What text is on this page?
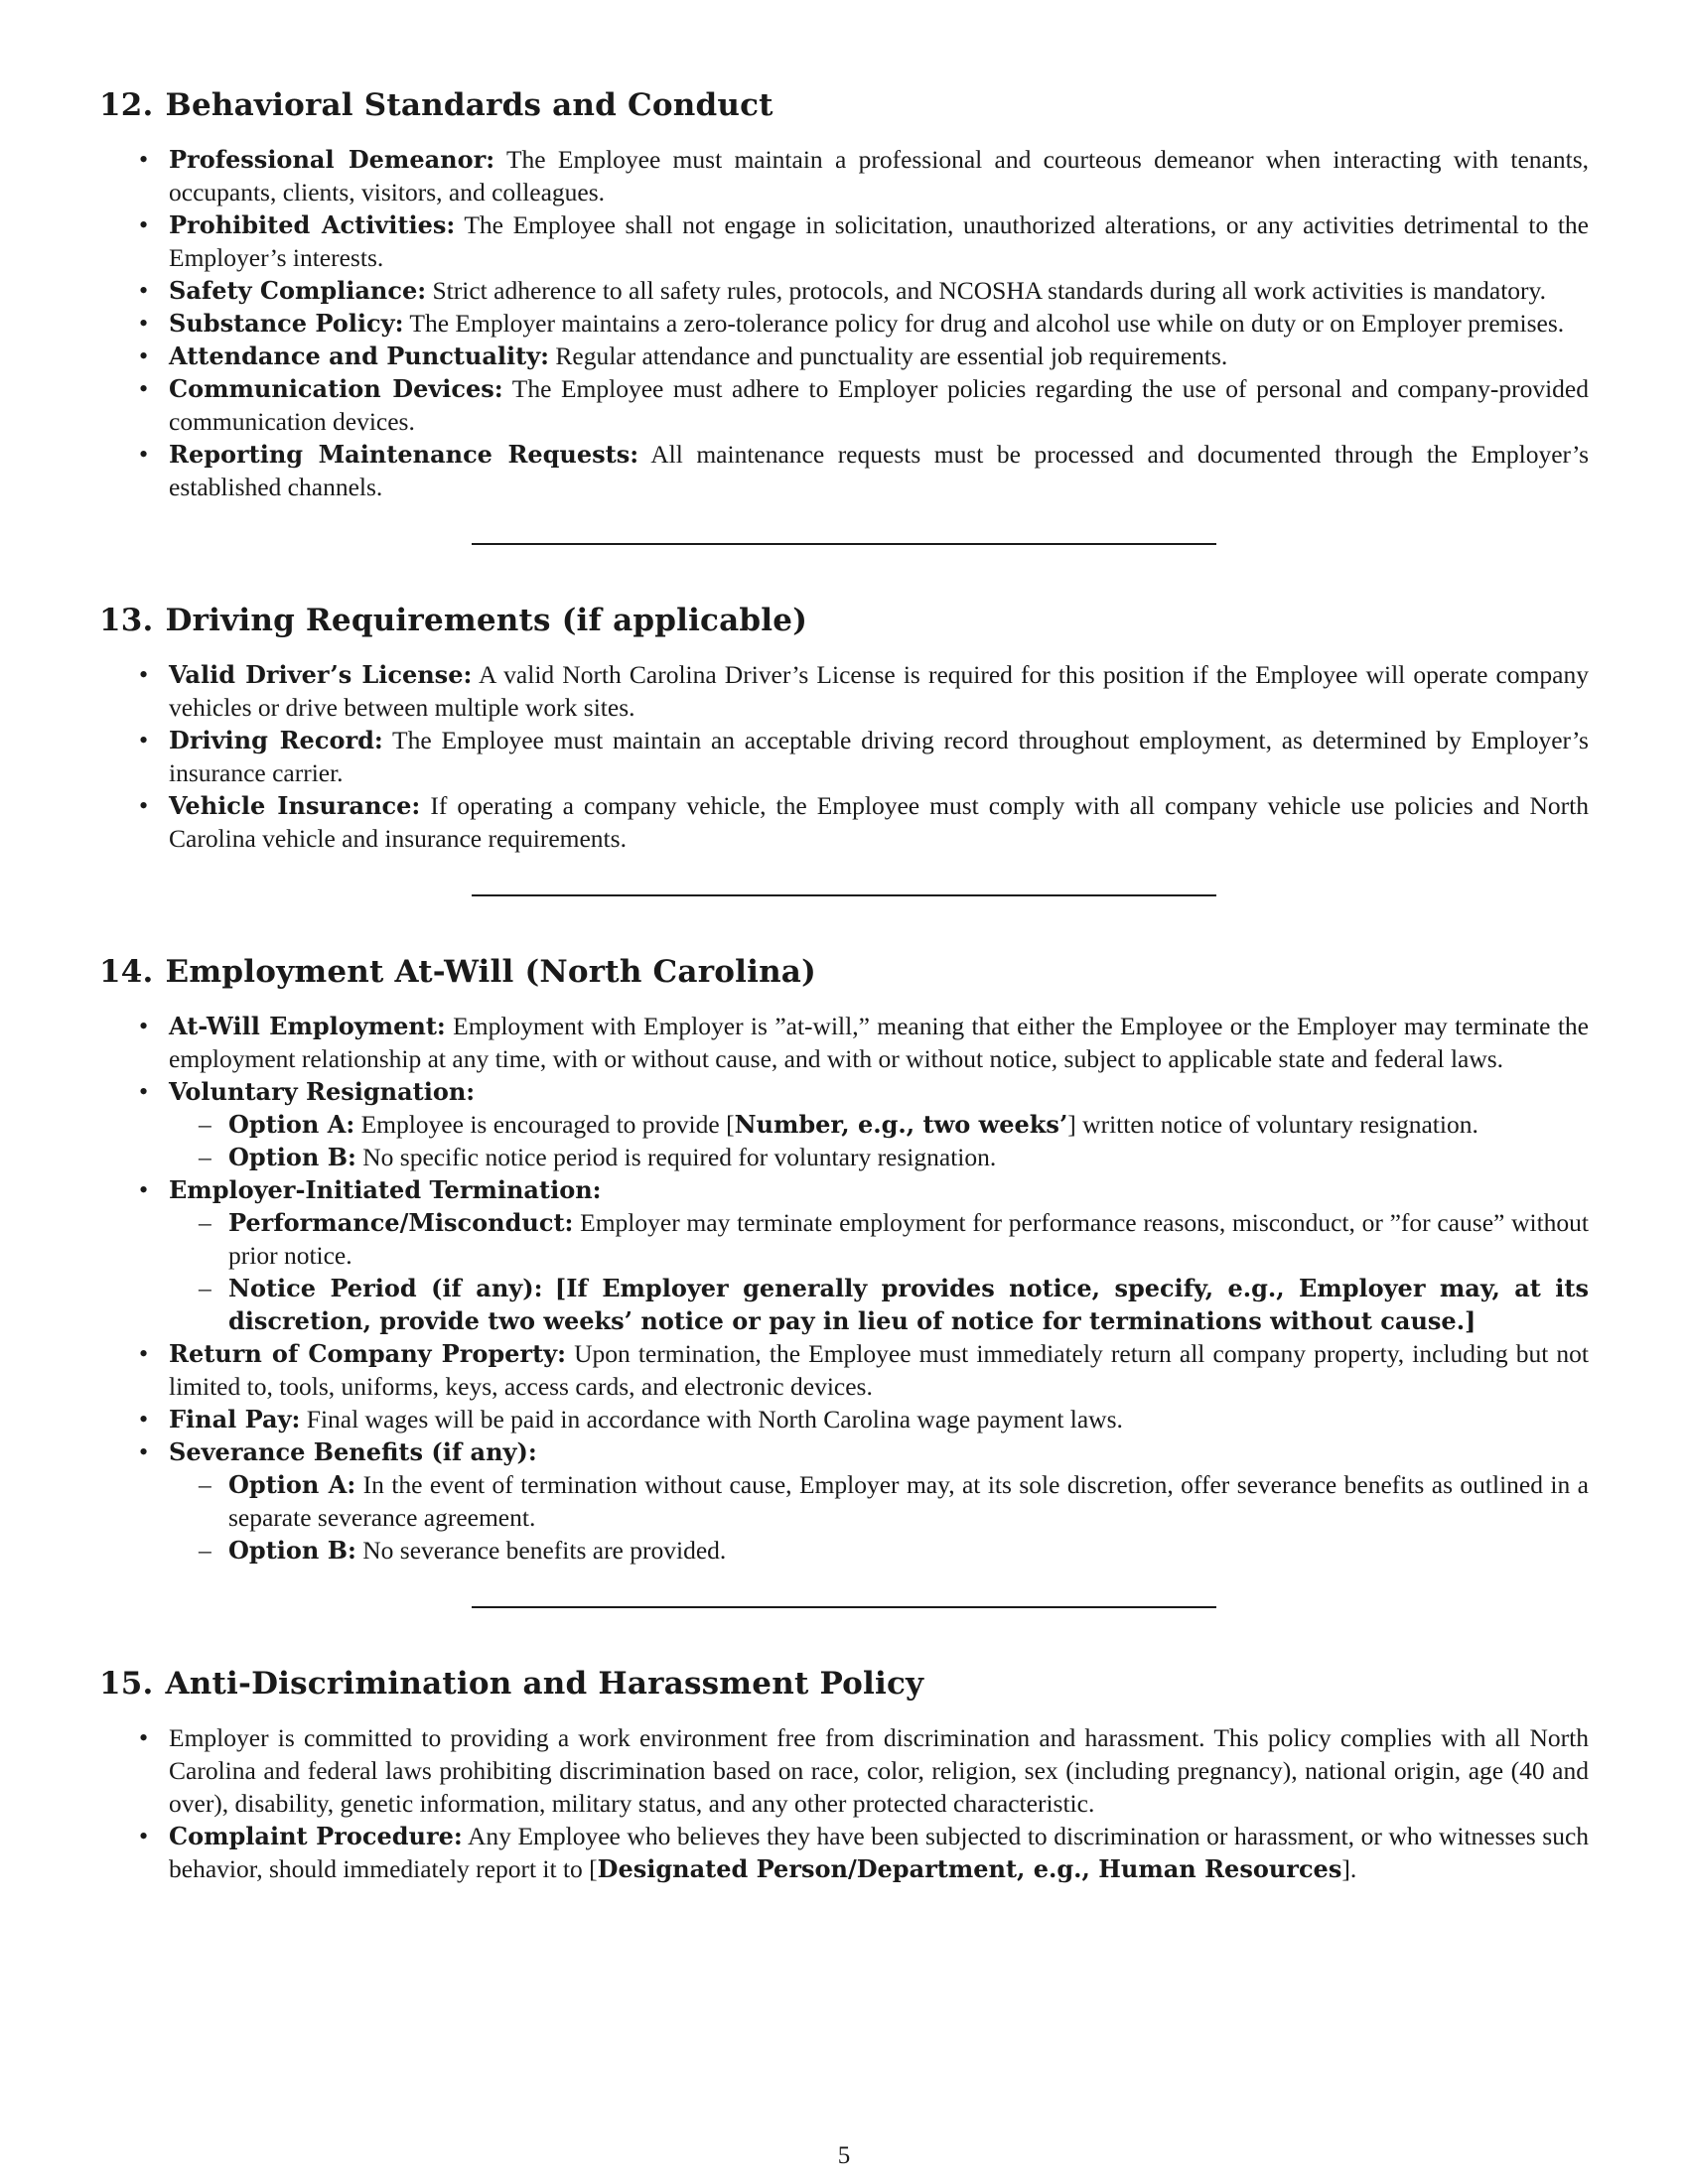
12. Behavioral Standards and Conduct
• Professional Demeanor: The Employee must maintain a professional and courteous demeanor when interacting with tenants, occupants, clients, visitors, and colleagues.
• Prohibited Activities: The Employee shall not engage in solicitation, unauthorized alterations, or any activities detrimental to the Employer’s interests.
• Safety Compliance: Strict adherence to all safety rules, protocols, and NCOSHA standards during all work activities is mandatory.
• Substance Policy: The Employer maintains a zero-tolerance policy for drug and alcohol use while on duty or on Employer premises.
• Attendance and Punctuality: Regular attendance and punctuality are essential job requirements.
• Communication Devices: The Employee must adhere to Employer policies regarding the use of personal and company-provided communication devices.
• Reporting Maintenance Requests: All maintenance requests must be processed and documented through the Employer’s established channels.
13. Driving Requirements (if applicable)
• Valid Driver’s License: A valid North Carolina Driver’s License is required for this position if the Employee will operate company vehicles or drive between multiple work sites.
• Driving Record: The Employee must maintain an acceptable driving record throughout employment, as determined by Employer’s insurance carrier.
• Vehicle Insurance: If operating a company vehicle, the Employee must comply with all company vehicle use policies and North Carolina vehicle and insurance requirements.
14. Employment At-Will (North Carolina)
• At-Will Employment: Employment with Employer is ”at-will,” meaning that either the Employee or the Employer may terminate the employment relationship at any time, with or without cause, and with or without notice, subject to applicable state and federal laws.
• Voluntary Resignation:
– Option A: Employee is encouraged to provide [Number, e.g., two weeks’] written notice of voluntary resignation.
– Option B: No specific notice period is required for voluntary resignation.
• Employer-Initiated Termination:
– Performance/Misconduct: Employer may terminate employment for performance reasons, misconduct, or ”for cause” without prior notice.
– Notice Period (if any): [If Employer generally provides notice, specify, e.g., Employer may, at its discretion, provide two weeks’ notice or pay in lieu of notice for terminations without cause.]
• Return of Company Property: Upon termination, the Employee must immediately return all company property, including but not limited to, tools, uniforms, keys, access cards, and electronic devices.
• Final Pay: Final wages will be paid in accordance with North Carolina wage payment laws.
• Severance Benefits (if any):
– Option A: In the event of termination without cause, Employer may, at its sole discretion, offer severance benefits as outlined in a separate severance agreement.
– Option B: No severance benefits are provided.
15. Anti-Discrimination and Harassment Policy
• Employer is committed to providing a work environment free from discrimination and harassment. This policy complies with all North Carolina and federal laws prohibiting discrimination based on race, color, religion, sex (including pregnancy), national origin, age (40 and over), disability, genetic information, military status, and any other protected characteristic.
• Complaint Procedure: Any Employee who believes they have been subjected to discrimination or harassment, or who witnesses such behavior, should immediately report it to [Designated Person/Department, e.g., Human Resources].
5
